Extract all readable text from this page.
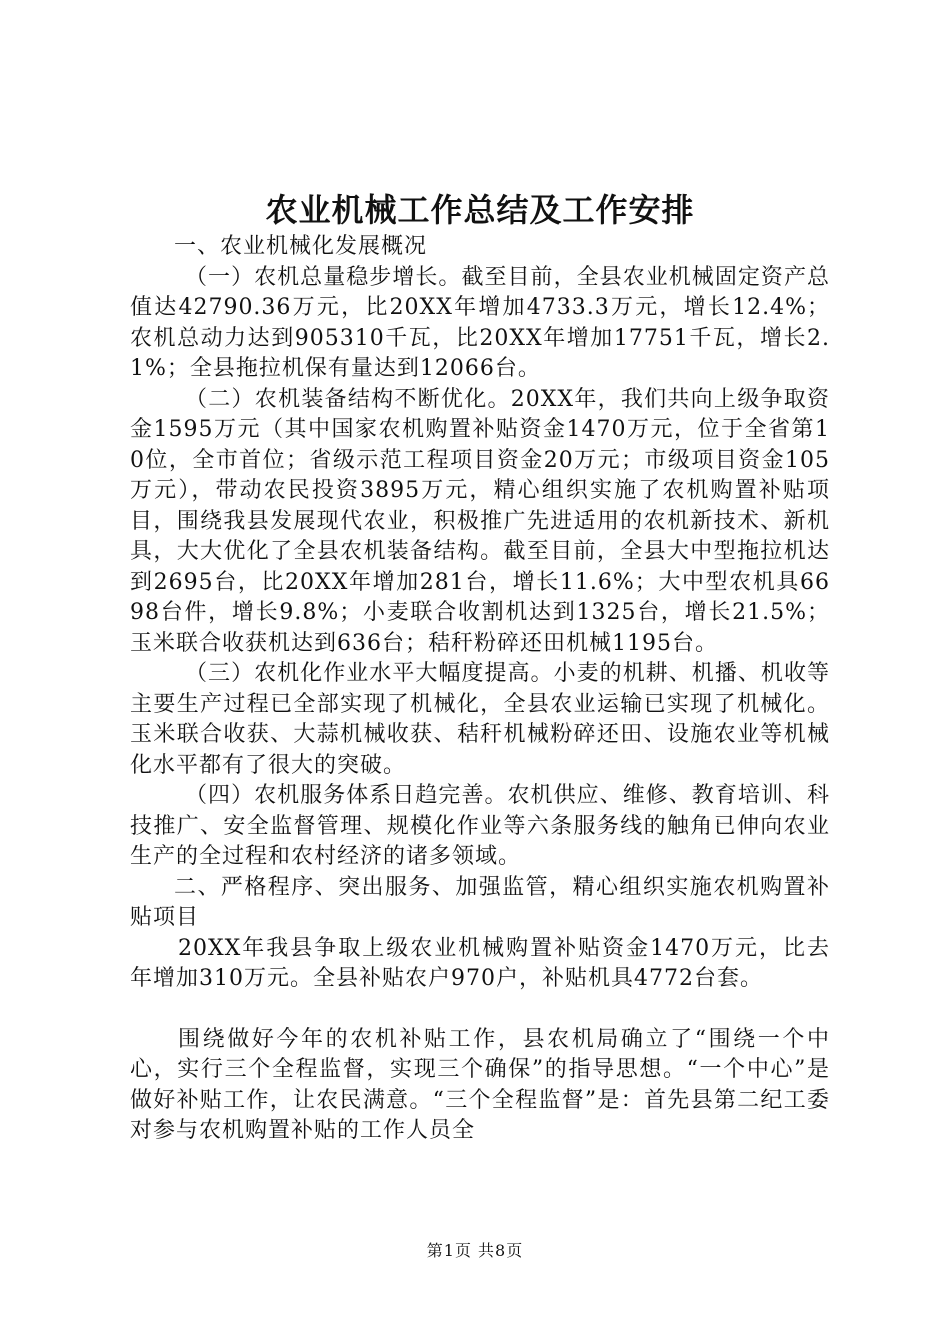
农业机械工作总结及工作安排

一、农业机械化发展概况

（一）农机总量稳步增长。截至目前，全县农业机械固定资产总值达42790.36万元，比20XX年增加4733.3万元，增长12.4%；农机总动力达到905310千瓦，比20XX年增加17751千瓦，增长2.1%；全县拖拉机保有量达到12066台。

（二）农机装备结构不断优化。20XX年，我们共向上级争取资金1595万元（其中国家农机购置补贴资金1470万元，位于全省第10位，全市首位；省级示范工程项目资金20万元；市级项目资金105万元），带动农民投资3895万元，精心组织实施了农机购置补贴项目，围绕我县发展现代农业，积极推广先进适用的农机新技术、新机具，大大优化了全县农机装备结构。截至目前，全县大中型拖拉机达到2695台，比20XX年增加281台，增长11.6%；大中型农机具6698台件，增长9.8%；小麦联合收割机达到1325台，增长21.5%；玉米联合收获机达到636台；秸秆粉碎还田机械1195台。

（三）农机化作业水平大幅度提高。小麦的机耕、机播、机收等主要生产过程已全部实现了机械化，全县农业运输已实现了机械化。玉米联合收获、大蒜机械收获、秸秆机械粉碎还田、设施农业等机械化水平都有了很大的突破。

（四）农机服务体系日趋完善。农机供应、维修、教育培训、科技推广、安全监督管理、规模化作业等六条服务线的触角已伸向农业生产的全过程和农村经济的诸多领域。

二、严格程序、突出服务、加强监管，精心组织实施农机购置补贴项目

20XX年我县争取上级农业机械购置补贴资金1470万元，比去年增加310万元。全县补贴农户970户，补贴机具4772台套。

围绕做好今年的农机补贴工作，县农机局确立了“围绕一个中心，实行三个全程监督，实现三个确保”的指导思想。“一个中心”是做好补贴工作，让农民满意。“三个全程监督”是：首先县第二纪工委对参与农机购置补贴的工作人员全

第1页 共8页
